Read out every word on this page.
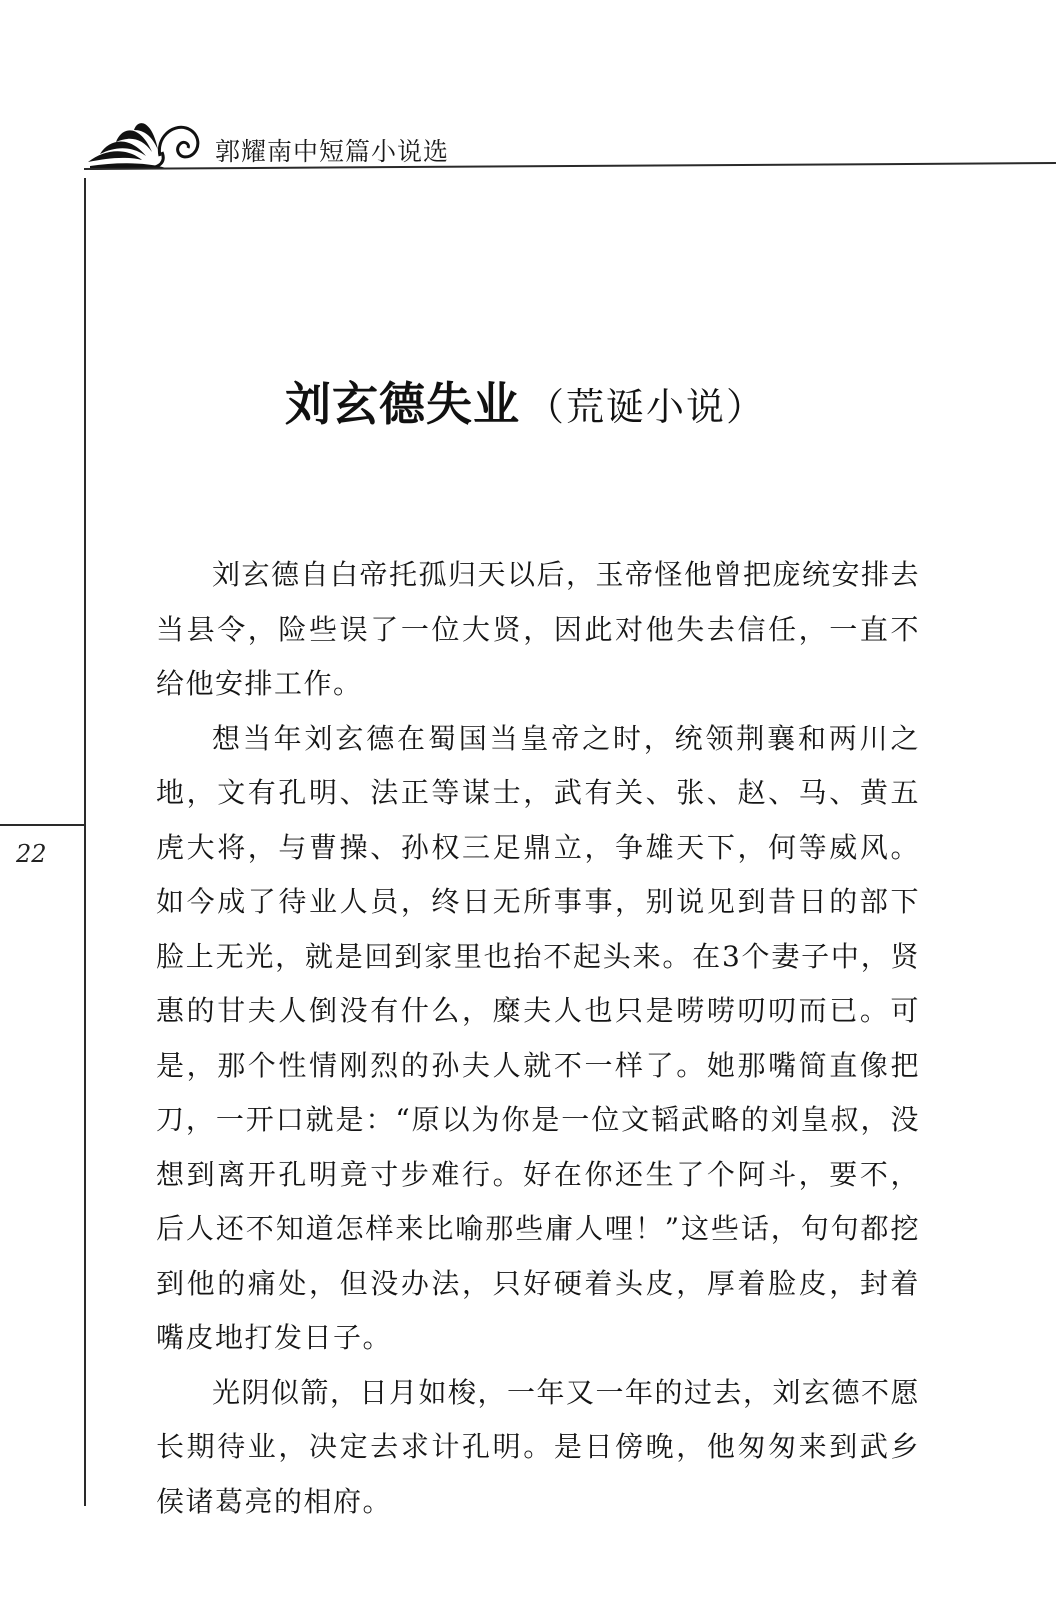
郭耀南中短篇小说选
22
刘玄德失业 （荒诞小说）

刘玄德自白帝托孤归天以后，玉帝怪他曾把庞统安排去当县令，险些误了一位大贤，因此对他失去信任，一直不给他安排工作。

想当年刘玄德在蜀国当皇帝之时，统领荆襄和两川之地，文有孔明、法正等谋士，武有关、张、赵、马、黄五虎大将，与曹操、孙权三足鼎立，争雄天下，何等威风。如今成了待业人员，终日无所事事，别说见到昔日的部下脸上无光，就是回到家里也抬不起头来。在3个妻子中，贤惠的甘夫人倒没有什么，糜夫人也只是唠唠叨叨而已。可是，那个性情刚烈的孙夫人就不一样了。她那嘴简直像把刀，一开口就是：“原以为你是一位文韬武略的刘皇叔，没想到离开孔明竟寸步难行。好在你还生了个阿斗，要不，后人还不知道怎样来比喻那些庸人哩！”这些话，句句都挖到他的痛处，但没办法，只好硬着头皮，厚着脸皮，封着嘴皮地打发日子。

光阴似箭，日月如梭，一年又一年的过去，刘玄德不愿长期待业，决定去求计孔明。是日傍晚，他匆匆来到武乡侯诸葛亮的相府。
